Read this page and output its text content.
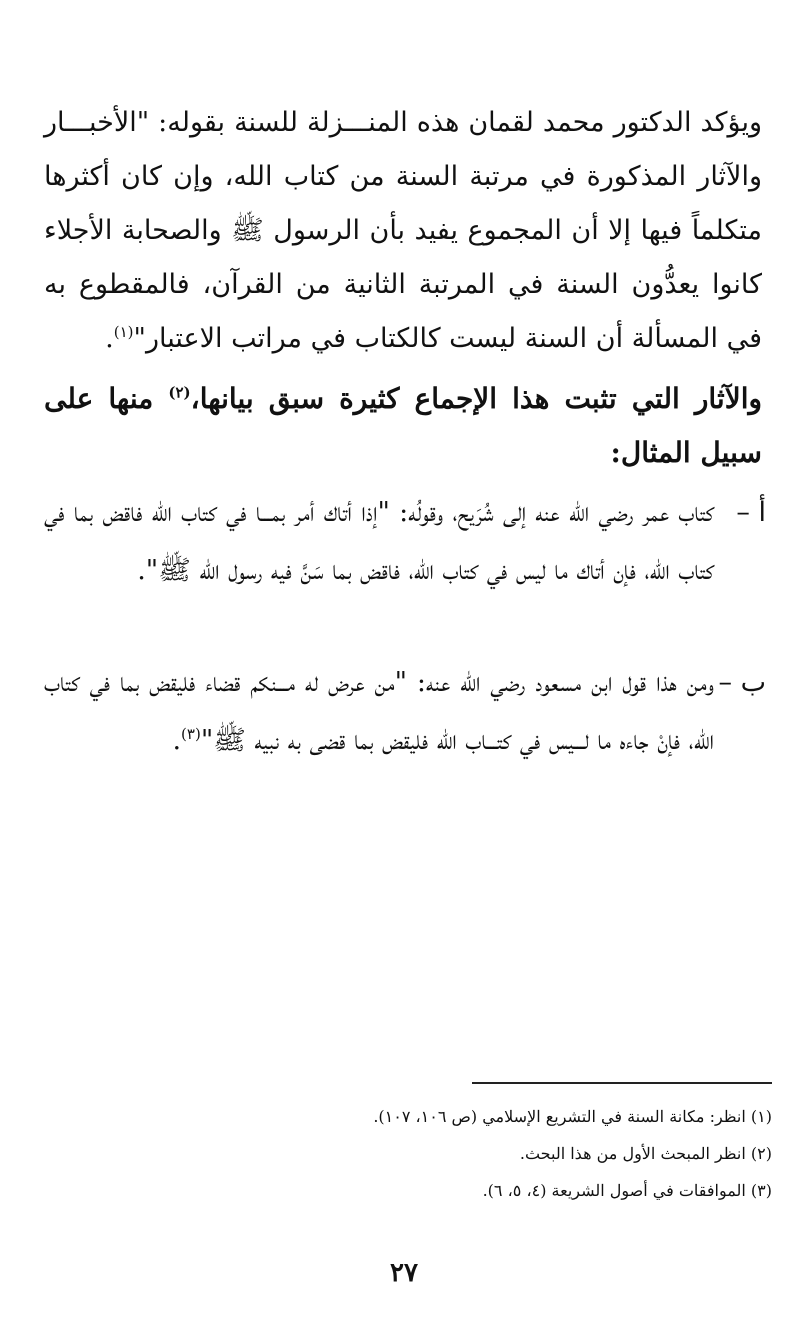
ويؤكد الدكتور محمد لقمان هذه المنـــزلة للسنة بقوله: "الأخبـــار والآثار المذكورة في مرتبة السنة من كتاب الله، وإن كان أكثرها متكلماً فيها إلا أن المجموع يفيد بأن الرسول ﷺ والصحابة الأجلاء كانوا يعدُّون السنة في المرتبة الثانية من القرآن، فالمقطوع به في المسألة أن السنة ليست كالكتاب في مراتب الاعتبار"$^{(١)}$.

والآثار التي تثبت هذا الإجماع كثيرة سبق بيانها،$^{(٢)}$ منها على سبيل المثال:

أ –
كتاب عمر رضي الله عنه إلى شُرَيح، وقولُه: "إذا أتاك أمر بمـــا في كتاب الله فاقض بما في كتاب الله، فإن أتاك ما ليس في كتاب الله، فاقض بما سَنَّ فيه رسول الله ﷺ".
ب –
ومن هذا قول ابن مسعود رضي الله عنه: "من عرض له مـــنكم قضاء فليقض بما في كتاب الله، فإنْ جاءه ما لـــيس في كتـــاب الله فليقض بما قضى به نبيه ﷺ"$^{(٣)}$.
(١) انظر: مكانة السنة في التشريع الإسلامي (ص ١٠٦، ١٠٧).
(٢) انظر المبحث الأول من هذا البحث.
(٣) الموافقات في أصول الشريعة (٤، ٥، ٦).
٢٧
